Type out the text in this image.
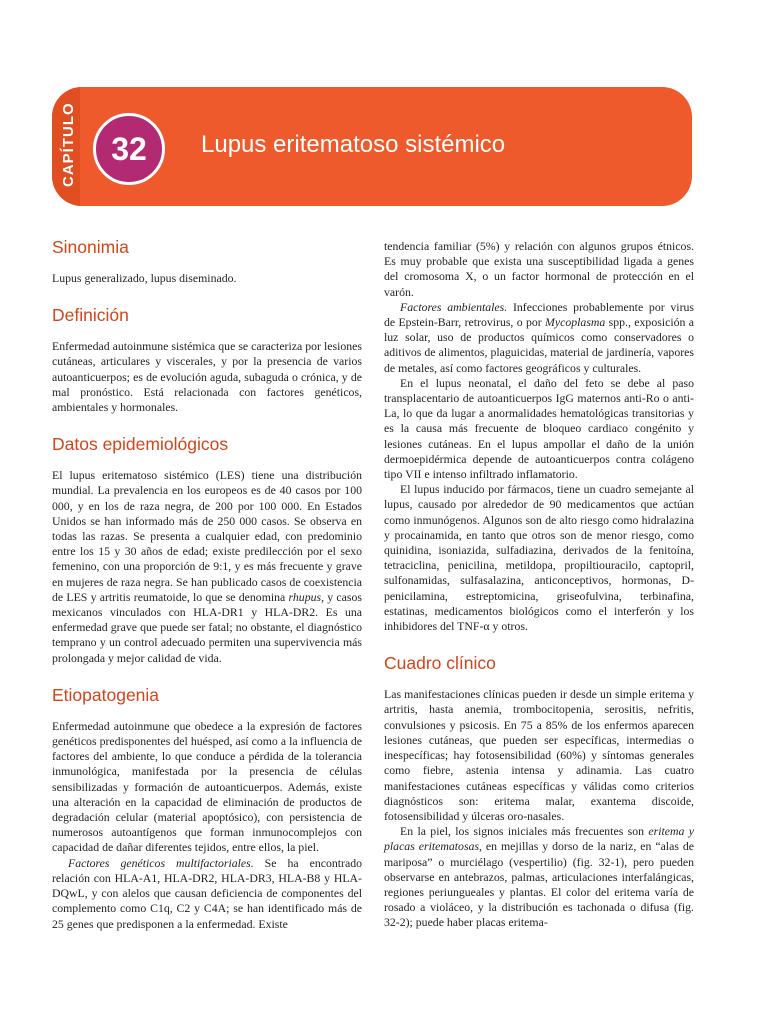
CAPÍTULO	32	Lupus eritematoso sistémico
Sinonimia

Lupus generalizado, lupus diseminado.

Definición

Enfermedad autoinmune sistémica que se caracteriza por lesiones cutáneas, articulares y viscerales, y por la presencia de varios autoanticuerpos; es de evolución aguda, subaguda o crónica, y de mal pronóstico. Está relacionada con factores genéticos, ambientales y hormonales.

Datos epidemiológicos

El lupus eritematoso sistémico (LES) tiene una distribución mundial. La prevalencia en los europeos es de 40 casos por 100 000, y en los de raza negra, de 200 por 100 000. En Estados Unidos se han informado más de 250 000 casos. Se observa en todas las razas. Se presenta a cualquier edad, con predominio entre los 15 y 30 años de edad; existe predilección por el sexo femenino, con una proporción de 9:1, y es más frecuente y grave en mujeres de raza negra. Se han publicado casos de coexistencia de LES y artritis reumatoide, lo que se denomina rhupus, y casos mexicanos vinculados con HLA-DR1 y HLA-DR2. Es una enfermedad grave que puede ser fatal; no obstante, el diagnóstico temprano y un control adecuado permiten una supervivencia más prolongada y mejor calidad de vida.

Etiopatogenia

Enfermedad autoinmune que obedece a la expresión de factores genéticos predisponentes del huésped, así como a la influencia de factores del ambiente, lo que conduce a pérdida de la tolerancia inmunológica, manifestada por la presencia de células sensibilizadas y formación de autoanticuerpos. Además, existe una alteración en la capacidad de eliminación de productos de degradación celular (material apoptósico), con persistencia de numerosos autoantígenos que forman inmunocomplejos con capacidad de dañar diferentes tejidos, entre ellos, la piel.

Factores genéticos multifactoriales. Se ha encontrado relación con HLA-A1, HLA-DR2, HLA-DR3, HLA-B8 y HLA-DQwL, y con alelos que causan deficiencia de componentes del complemento como C1q, C2 y C4A; se han identificado más de 25 genes que predisponen a la enfermedad. Existe

tendencia familiar (5%) y relación con algunos grupos étnicos. Es muy probable que exista una susceptibilidad ligada a genes del cromosoma X, o un factor hormonal de protección en el varón.

Factores ambientales. Infecciones probablemente por virus de Epstein-Barr, retrovirus, o por Mycoplasma spp., exposición a luz solar, uso de productos químicos como conservadores o aditivos de alimentos, plaguicidas, material de jardinería, vapores de metales, así como factores geográficos y culturales.

En el lupus neonatal, el daño del feto se debe al paso transplacentario de autoanticuerpos IgG maternos anti-Ro o anti-La, lo que da lugar a anormalidades hematológicas transitorias y es la causa más frecuente de bloqueo cardiaco congénito y lesiones cutáneas. En el lupus ampollar el daño de la unión dermoepidérmica depende de autoanticuerpos contra colágeno tipo VII e intenso infiltrado inflamatorio.

El lupus inducido por fármacos, tiene un cuadro semejante al lupus, causado por alrededor de 90 medicamentos que actúan como inmunógenos. Algunos son de alto riesgo como hidralazina y procainamida, en tanto que otros son de menor riesgo, como quinidina, isoniazida, sulfadiazina, derivados de la fenitoína, tetraciclina, penicilina, metildopa, propiltiouracilo, captopril, sulfonamidas, sulfasalazina, anticonceptivos, hormonas, D-penicilamina, estreptomicina, griseofulvina, terbinafina, estatinas, medicamentos biológicos como el interferón y los inhibidores del TNF-α y otros.

Cuadro clínico

Las manifestaciones clínicas pueden ir desde un simple eritema y artritis, hasta anemia, trombocitopenia, serositis, nefritis, convulsiones y psicosis. En 75 a 85% de los enfermos aparecen lesiones cutáneas, que pueden ser específicas, intermedias o inespecíficas; hay fotosensibilidad (60%) y síntomas generales como fiebre, astenia intensa y adinamia. Las cuatro manifestaciones cutáneas específicas y válidas como criterios diagnósticos son: eritema malar, exantema discoide, fotosensibilidad y úlceras oro-nasales.

En la piel, los signos iniciales más frecuentes son eritema y placas eritematosas, en mejillas y dorso de la nariz, en “alas de mariposa” o murciélago (vespertilio) (fig. 32-1), pero pueden observarse en antebrazos, palmas, articulaciones interfalángicas, regiones periungueales y plantas. El color del eritema varía de rosado a violáceo, y la distribución es tachonada o difusa (fig. 32-2); puede haber placas eritema-
